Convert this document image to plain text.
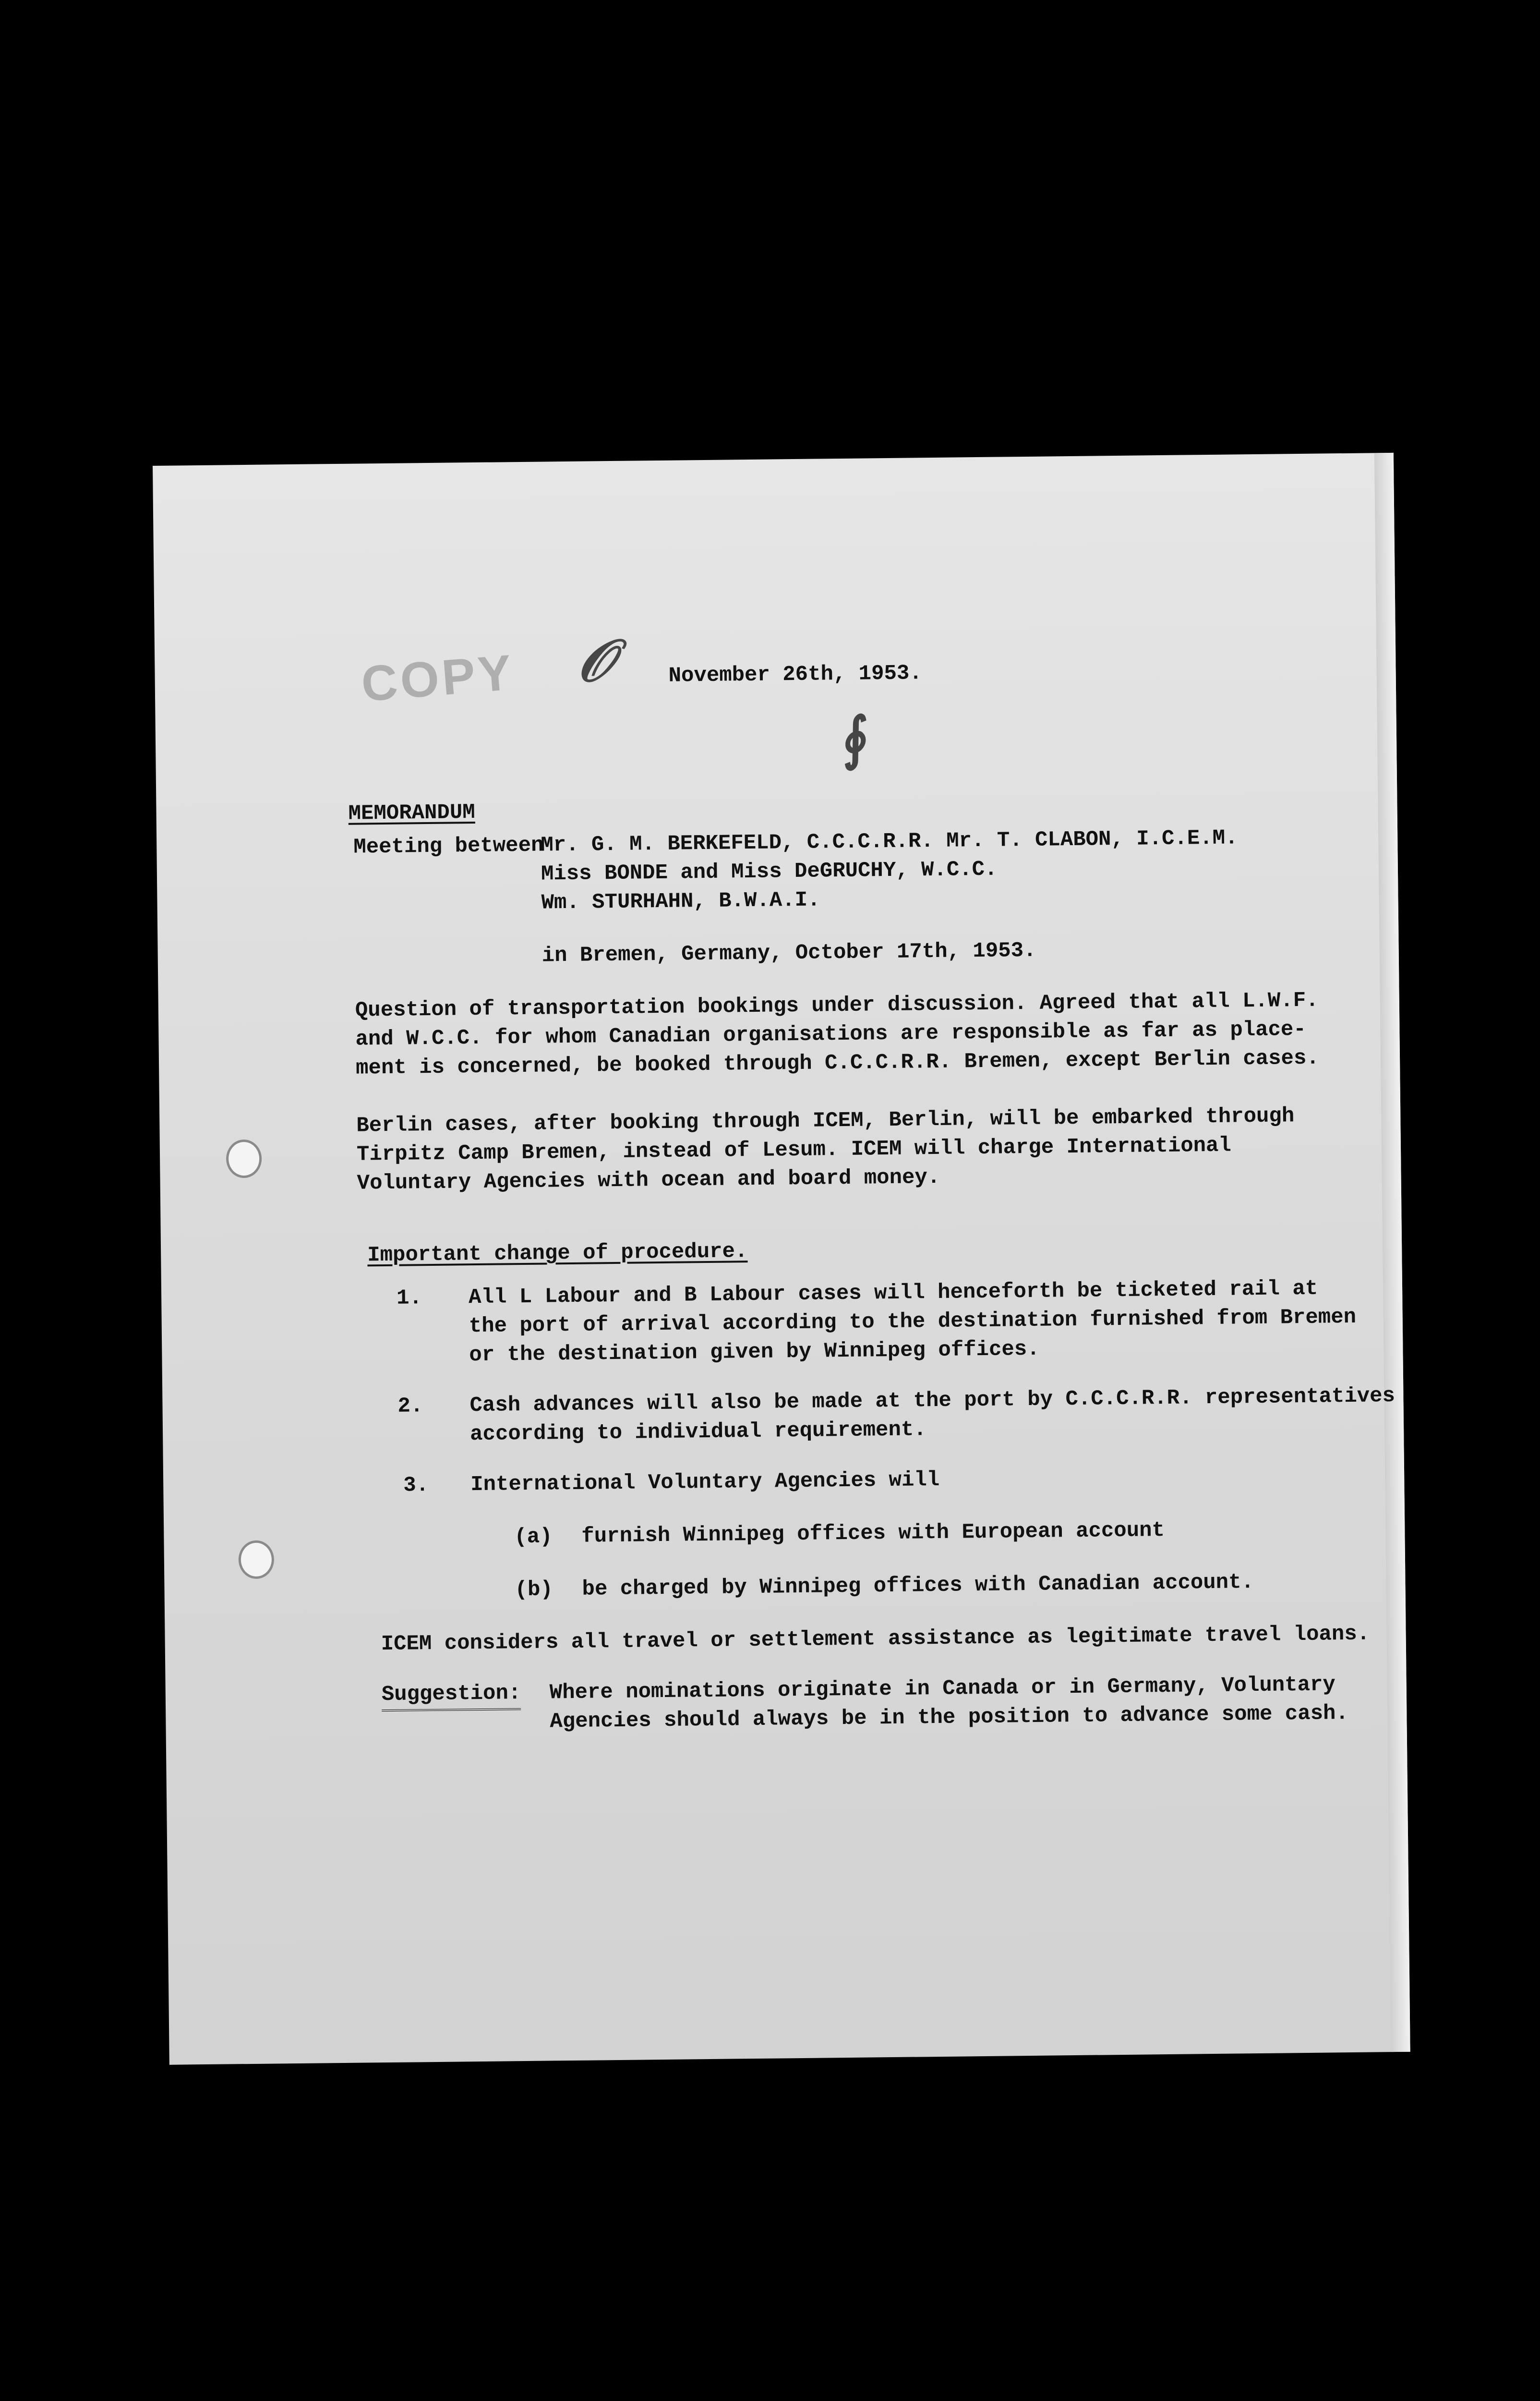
COPY 𝒪
∮
November 26th, 1953.
MEMORANDUM
Meeting between
Mr. G. M. BERKEFELD, C.C.C.R.R. Mr. T. CLABON, I.C.E.M.
Miss BONDE and Miss DeGRUCHY, W.C.C.
Wm. STURHAHN, B.W.A.I.
in Bremen, Germany, October 17th, 1953.
Question of transportation bookings under discussion. Agreed that all L.W.F.
and W.C.C. for whom Canadian organisations are responsible as far as place-
ment is concerned, be booked through C.C.C.R.R. Bremen, except Berlin cases.
Berlin cases, after booking through ICEM, Berlin, will be embarked through
Tirpitz Camp Bremen, instead of Lesum. ICEM will charge International
Voluntary Agencies with ocean and board money.
Important change of procedure.
1. All L Labour and B Labour cases will henceforth be ticketed rail at
the port of arrival according to the destination furnished from Bremen
or the destination given by Winnipeg offices.
2. Cash advances will also be made at the port by C.C.C.R.R. representatives
according to individual requirement.
3. International Voluntary Agencies will
(a) furnish Winnipeg offices with European account
(b) be charged by Winnipeg offices with Canadian account.
ICEM considers all travel or settlement assistance as legitimate travel loans.
Suggestion: Where nominations originate in Canada or in Germany, Voluntary
Agencies should always be in the position to advance some cash.
